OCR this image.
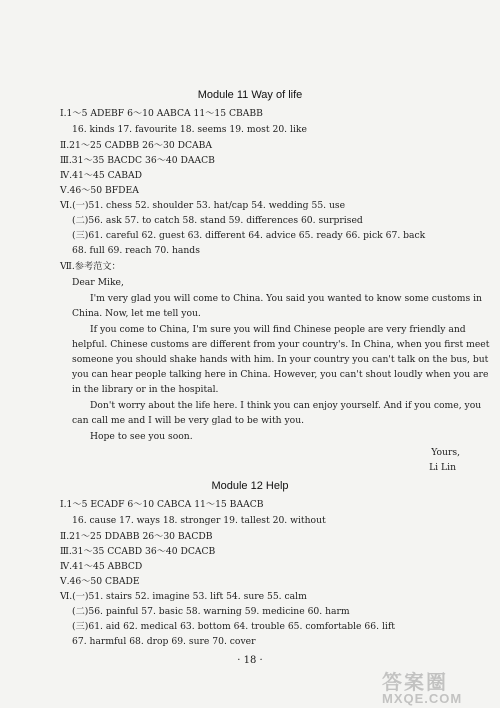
Module 11 Way of life
Ⅰ.1～5 ADEBF 6～10 AABCA 11～15 CBABB
16. kinds 17. favourite 18. seems 19. most 20. like
Ⅱ.21～25 CADBB 26～30 DCABA
Ⅲ.31～35 BACDC 36～40 DAACB
Ⅳ.41～45 CABAD
Ⅴ.46～50 BFDEA
Ⅵ.(一)51. chess 52. shoulder 53. hat/cap 54. wedding 55. use
(二)56. ask 57. to catch 58. stand 59. differences 60. surprised
(三)61. careful 62. guest 63. different 64. advice 65. ready 66. pick 67. back
68. full 69. reach 70. hands
Ⅶ.参考范文：
Dear Mike,
I'm very glad you will come to China. You said you wanted to know some customs in
China. Now, let me tell you.
If you come to China, I'm sure you will find Chinese people are very friendly and
helpful. Chinese customs are different from your country's. In China, when you first meet
someone you should shake hands with him. In your country you can't talk on the bus, but
you can hear people talking here in China. However, you can't shout loudly when you are
in the library or in the hospital.
Don't worry about the life here. I think you can enjoy yourself. And if you come, you
can call me and I will be very glad to be with you.
Hope to see you soon.
Yours,
Li Lin
Module 12 Help
Ⅰ.1～5 ECADF 6～10 CABCA 11～15 BAACB
16. cause 17. ways 18. stronger 19. tallest 20. without
Ⅱ.21～25 DDABB 26～30 BACDB
Ⅲ.31～35 CCABD 36～40 DCACB
Ⅳ.41～45 ABBCD
Ⅴ.46～50 CBADE
Ⅵ.(一)51. stairs 52. imagine 53. lift 54. sure 55. calm
(二)56. painful 57. basic 58. warning 59. medicine 60. harm
(三)61. aid 62. medical 63. bottom 64. trouble 65. comfortable 66. lift
67. harmful 68. drop 69. sure 70. cover
· 18 ·
答案圈
MXQE.COM
